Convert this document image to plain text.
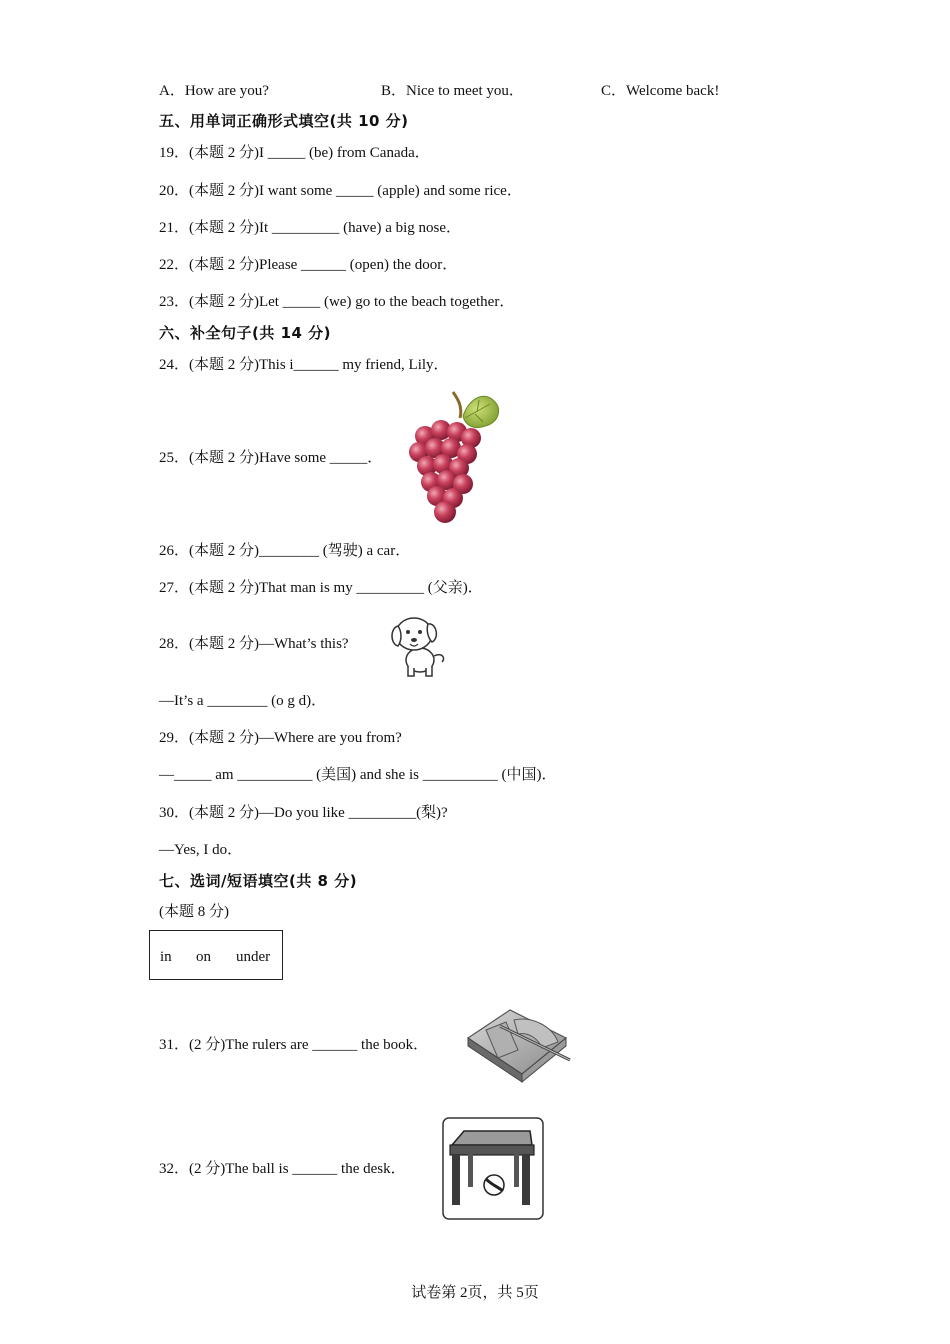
A．How are you?	B．Nice to meet you．	C．Welcome back!
五、用单词正确形式填空(共 10 分)
19．(本题 2 分)I _____ (be) from Canada．
20．(本题 2 分)I want some _____ (apple) and some rice．
21．(本题 2 分)It _________ (have) a big nose．
22．(本题 2 分)Please ______ (open) the door．
23．(本题 2 分)Let _____ (we) go to the beach together．
六、补全句子(共 14 分)
24．(本题 2 分)This i______ my friend, Lily．
25．(本题 2 分)Have some _____．
26．(本题 2 分)________ (驾驶) a car．
27．(本题 2 分)That man is my _________ (父亲)．
28．(本题 2 分)—What’s this?
—It’s a ________ (o g d)．
29．(本题 2 分)—Where are you from?
—_____ am __________ (美国) and she is __________ (中国)．
30．(本题 2 分)—Do you like _________(梨)?
—Yes, I do．
七、选词/短语填空(共 8 分)
(本题 8 分)
in on under
31．(2 分)The rulers are ______ the book．
32．(2 分)The ball is ______ the desk．
试卷第 2页，共 5页
